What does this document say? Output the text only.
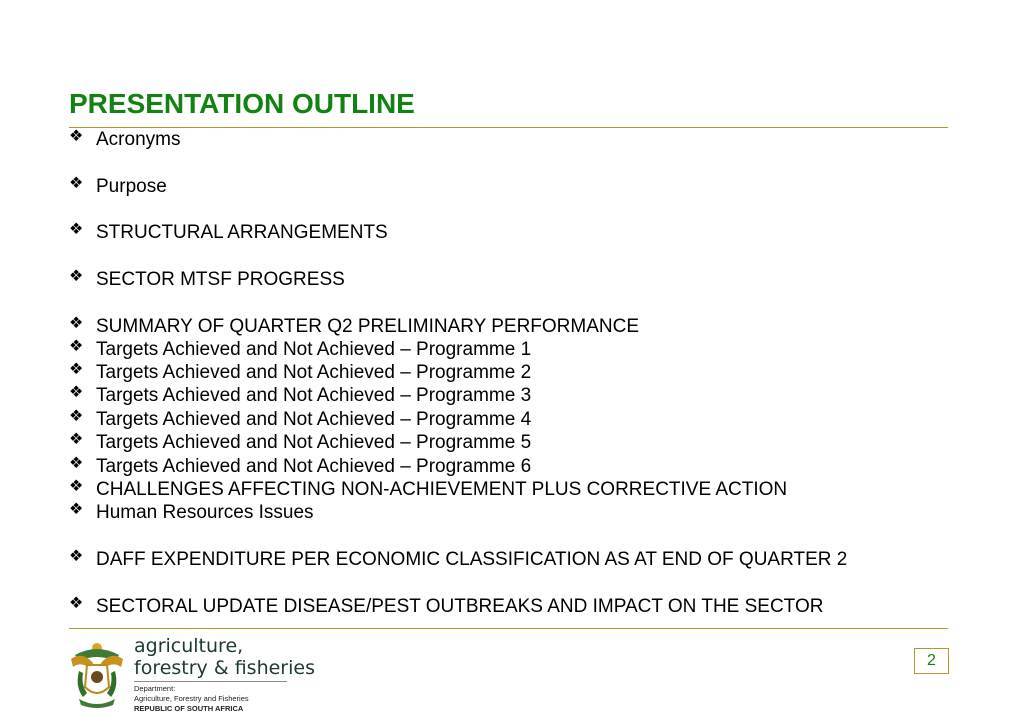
PRESENTATION OUTLINE
❖ Acronyms
❖ Purpose
❖ STRUCTURAL ARRANGEMENTS
❖ SECTOR MTSF PROGRESS
❖ SUMMARY OF QUARTER Q2 PRELIMINARY PERFORMANCE
❖ Targets Achieved and Not Achieved – Programme 1
❖ Targets Achieved and Not Achieved – Programme 2
❖ Targets Achieved and Not Achieved – Programme 3
❖ Targets Achieved and Not Achieved – Programme 4
❖ Targets Achieved and Not Achieved – Programme 5
❖ Targets Achieved and Not Achieved – Programme 6
❖ CHALLENGES AFFECTING NON-ACHIEVEMENT PLUS CORRECTIVE ACTION
❖ Human Resources Issues
❖ DAFF EXPENDITURE PER ECONOMIC CLASSIFICATION AS AT END OF QUARTER 2
❖ SECTORAL UPDATE DISEASE/PEST OUTBREAKS AND IMPACT ON THE SECTOR
agriculture,
forestry & fisheries
Department:
Agriculture, Forestry and Fisheries
REPUBLIC OF SOUTH AFRICA
2
